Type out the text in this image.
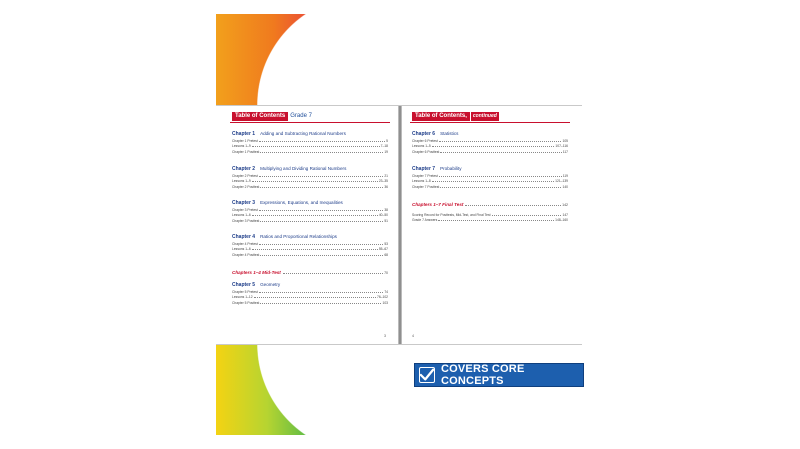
Table of Contents Grade 7
Chapter 1 Adding and Subtracting Rational Numbers
Chapter 1 Pretest	5
Lessons 1–9	7–18
Chapter 1 Posttest	19
Chapter 2 Multiplying and Dividing Rational Numbers
Chapter 2 Pretest	21
Lessons 1–9	23–35
Chapter 2 Posttest	36
Chapter 3 Expressions, Equations, and Inequalities
Chapter 3 Pretest	38
Lessons 1–6	40–50
Chapter 3 Posttest	51
Chapter 4 Ratios and Proportional Relationships
Chapter 4 Pretest	53
Lessons 1–6	55–67
Chapter 4 Posttest	68
Chapters 1–4 Mid-Test	70
Chapter 5 Geometry
Chapter 5 Pretest	74
Lessons 1–12	76–102
Chapter 5 Posttest	103
3
Table of Contents,	continued
Chapter 6 Statistics
Chapter 6 Pretest	105
Lessons 1–5	107–116
Chapter 6 Posttest	117
Chapter 7 Probability
Chapter 7 Pretest	119
Lessons 1–8	121–139
Chapter 7 Posttest	140
Chapters 1–7 Final Test	142
Scoring Record for Posttests, Mid-Test, and Final Test	147
Grade 7 Answers	148–160
4
COVERS CORE CONCEPTS
